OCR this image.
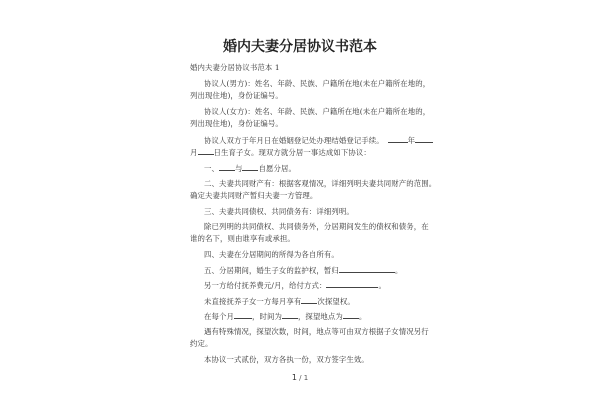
婚内夫妻分居协议书范本
婚内夫妻分居协议书范本 1
协议人(男方)：姓名、年龄、民族、户籍所在地(未在户籍所在地的，
列出现住地)，身份证编号。
协议人(女方)：姓名、年龄、民族、户籍所在地(未在户籍所在地的，
列出现住地)，身份证编号。
协议人双方于年月日在婚姻登记处办理结婚登记手续。 	年
月 日生育子女。现双方就分居一事达成如下协议：
一、 与 自愿分居。
二、夫妻共同财产有：根据客观情况，详细列明夫妻共同财产的范围。
确定夫妻共同财产暂归夫妻一方管理。
三、夫妻共同债权、共同债务有：详细列明。
除已列明的共同债权、共同债务外，分居期间发生的债权和债务，在
谁的名下，则由谁享有或承担。
四、夫妻在分居期间的所得为各自所有。
五、分居期间，婚生子女的监护权，暂归	。
另一方给付抚养费元/月，给付方式：	。
未直接抚养子女一方每月享有 次探望权。
在每个月 ，时间为 ，探望地点为 。
遇有特殊情况，探望次数，时间，地点等可由双方根据子女情况另行
约定。
本协议一式贰份，双方各执一份，双方签字生效。
1 / 1
